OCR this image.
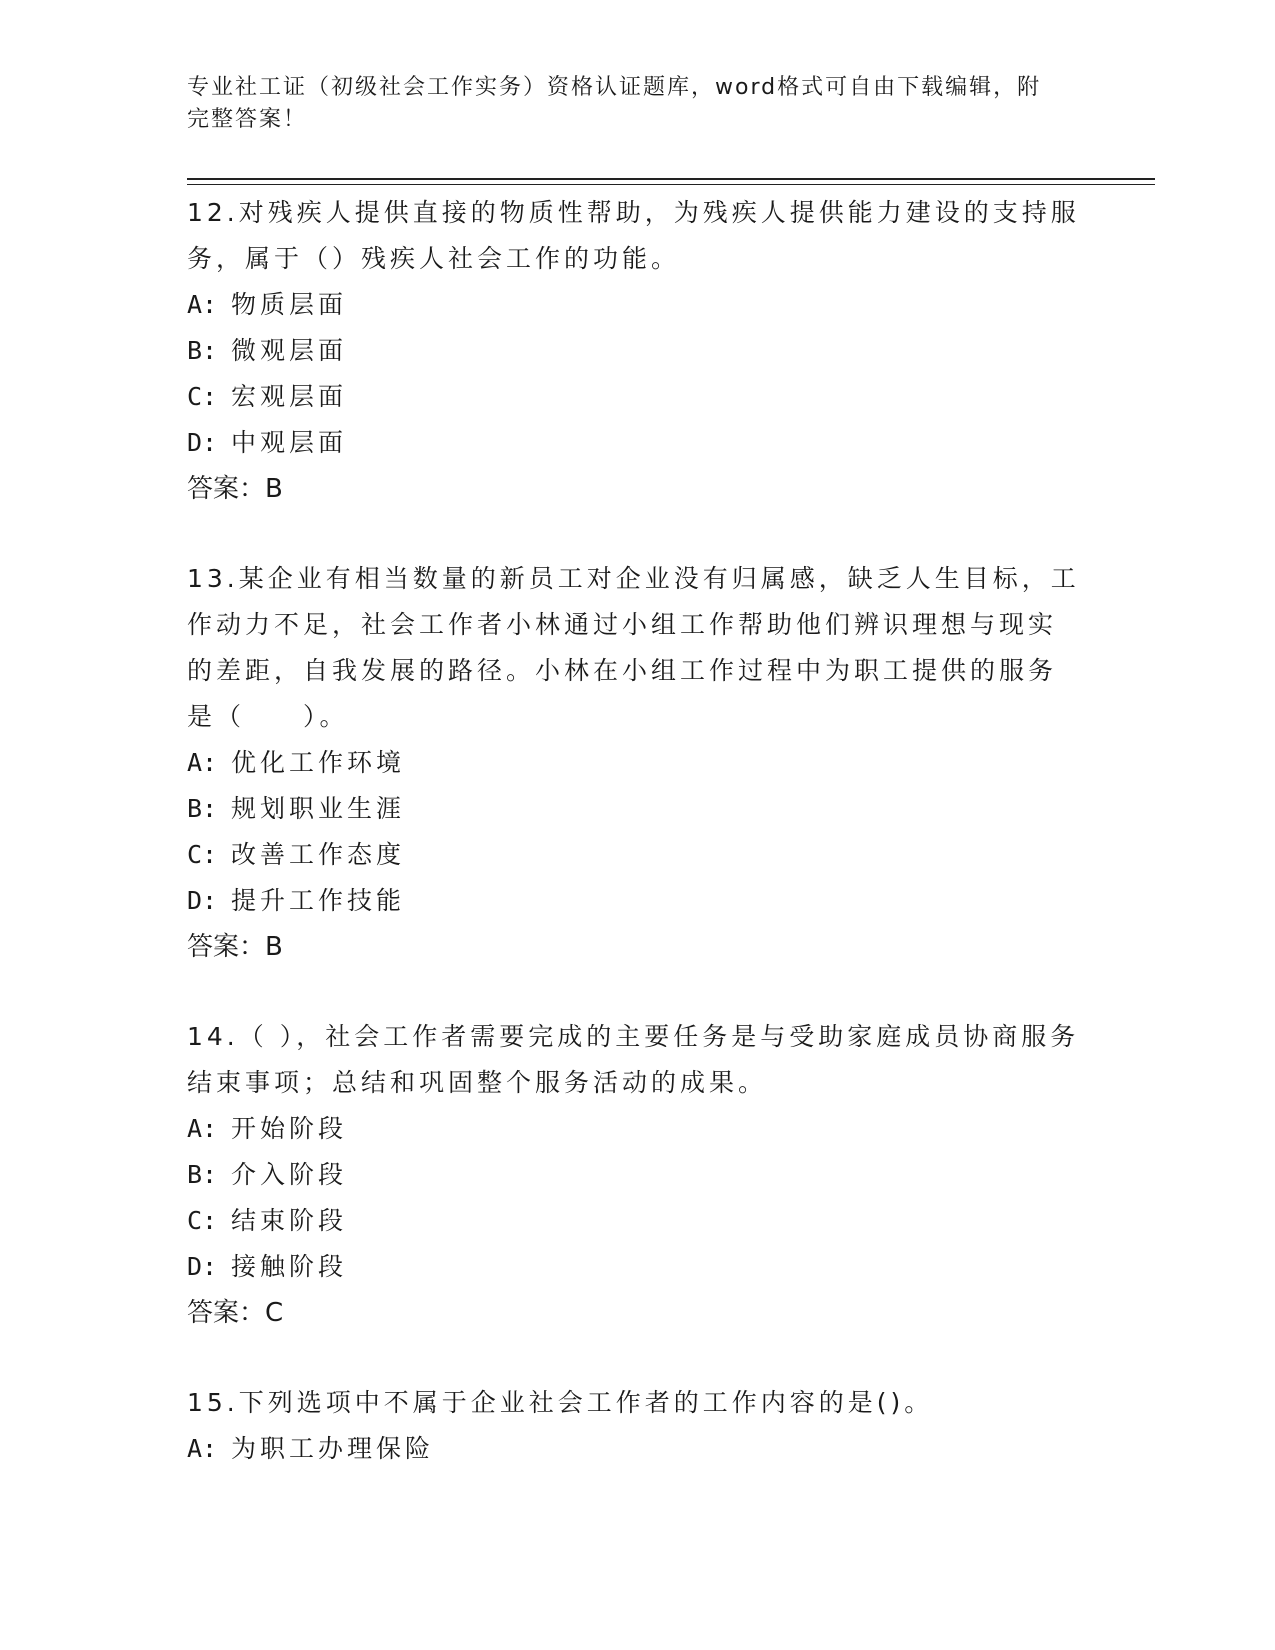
专业社工证（初级社会工作实务）资格认证题库，word格式可自由下载编辑，附
完整答案！
12.对残疾人提供直接的物质性帮助，为残疾人提供能力建设的支持服务，属于（）残疾人社会工作的功能。
A: 物质层面
B: 微观层面
C: 宏观层面
D: 中观层面
答案：B
13.某企业有相当数量的新员工对企业没有归属感，缺乏人生目标，工作动力不足，社会工作者小林通过小组工作帮助他们辨识理想与现实的差距，自我发展的路径。小林在小组工作过程中为职工提供的服务是（　　）。
A: 优化工作环境
B: 规划职业生涯
C: 改善工作态度
D: 提升工作技能
答案：B
14.（ ），社会工作者需要完成的主要任务是与受助家庭成员协商服务结束事项；总结和巩固整个服务活动的成果。
A: 开始阶段
B: 介入阶段
C: 结束阶段
D: 接触阶段
答案：C
15.下列选项中不属于企业社会工作者的工作内容的是()。
A: 为职工办理保险
